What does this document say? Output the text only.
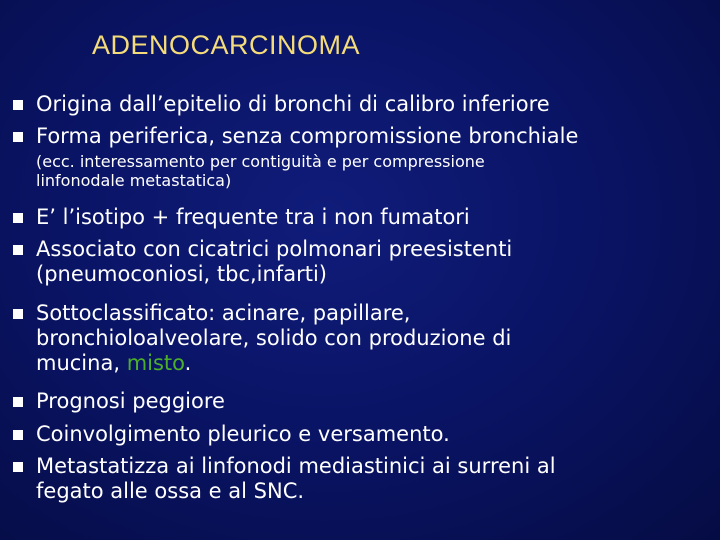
ADENOCARCINOMA
Origina dall’epitelio di bronchi di calibro inferiore
Forma periferica, senza compromissione bronchiale
(ecc. interessamento per contiguità e per compressione
linfonodale metastatica)
E’ l’isotipo + frequente tra i non fumatori
Associato con cicatrici polmonari preesistenti
(pneumoconiosi, tbc,infarti)
Sottoclassificato: acinare, papillare,
bronchioloalveolare, solido con produzione di
mucina, misto.
Prognosi peggiore
Coinvolgimento pleurico e versamento.
Metastatizza ai linfonodi mediastinici ai surreni al
fegato alle ossa e al SNC.
